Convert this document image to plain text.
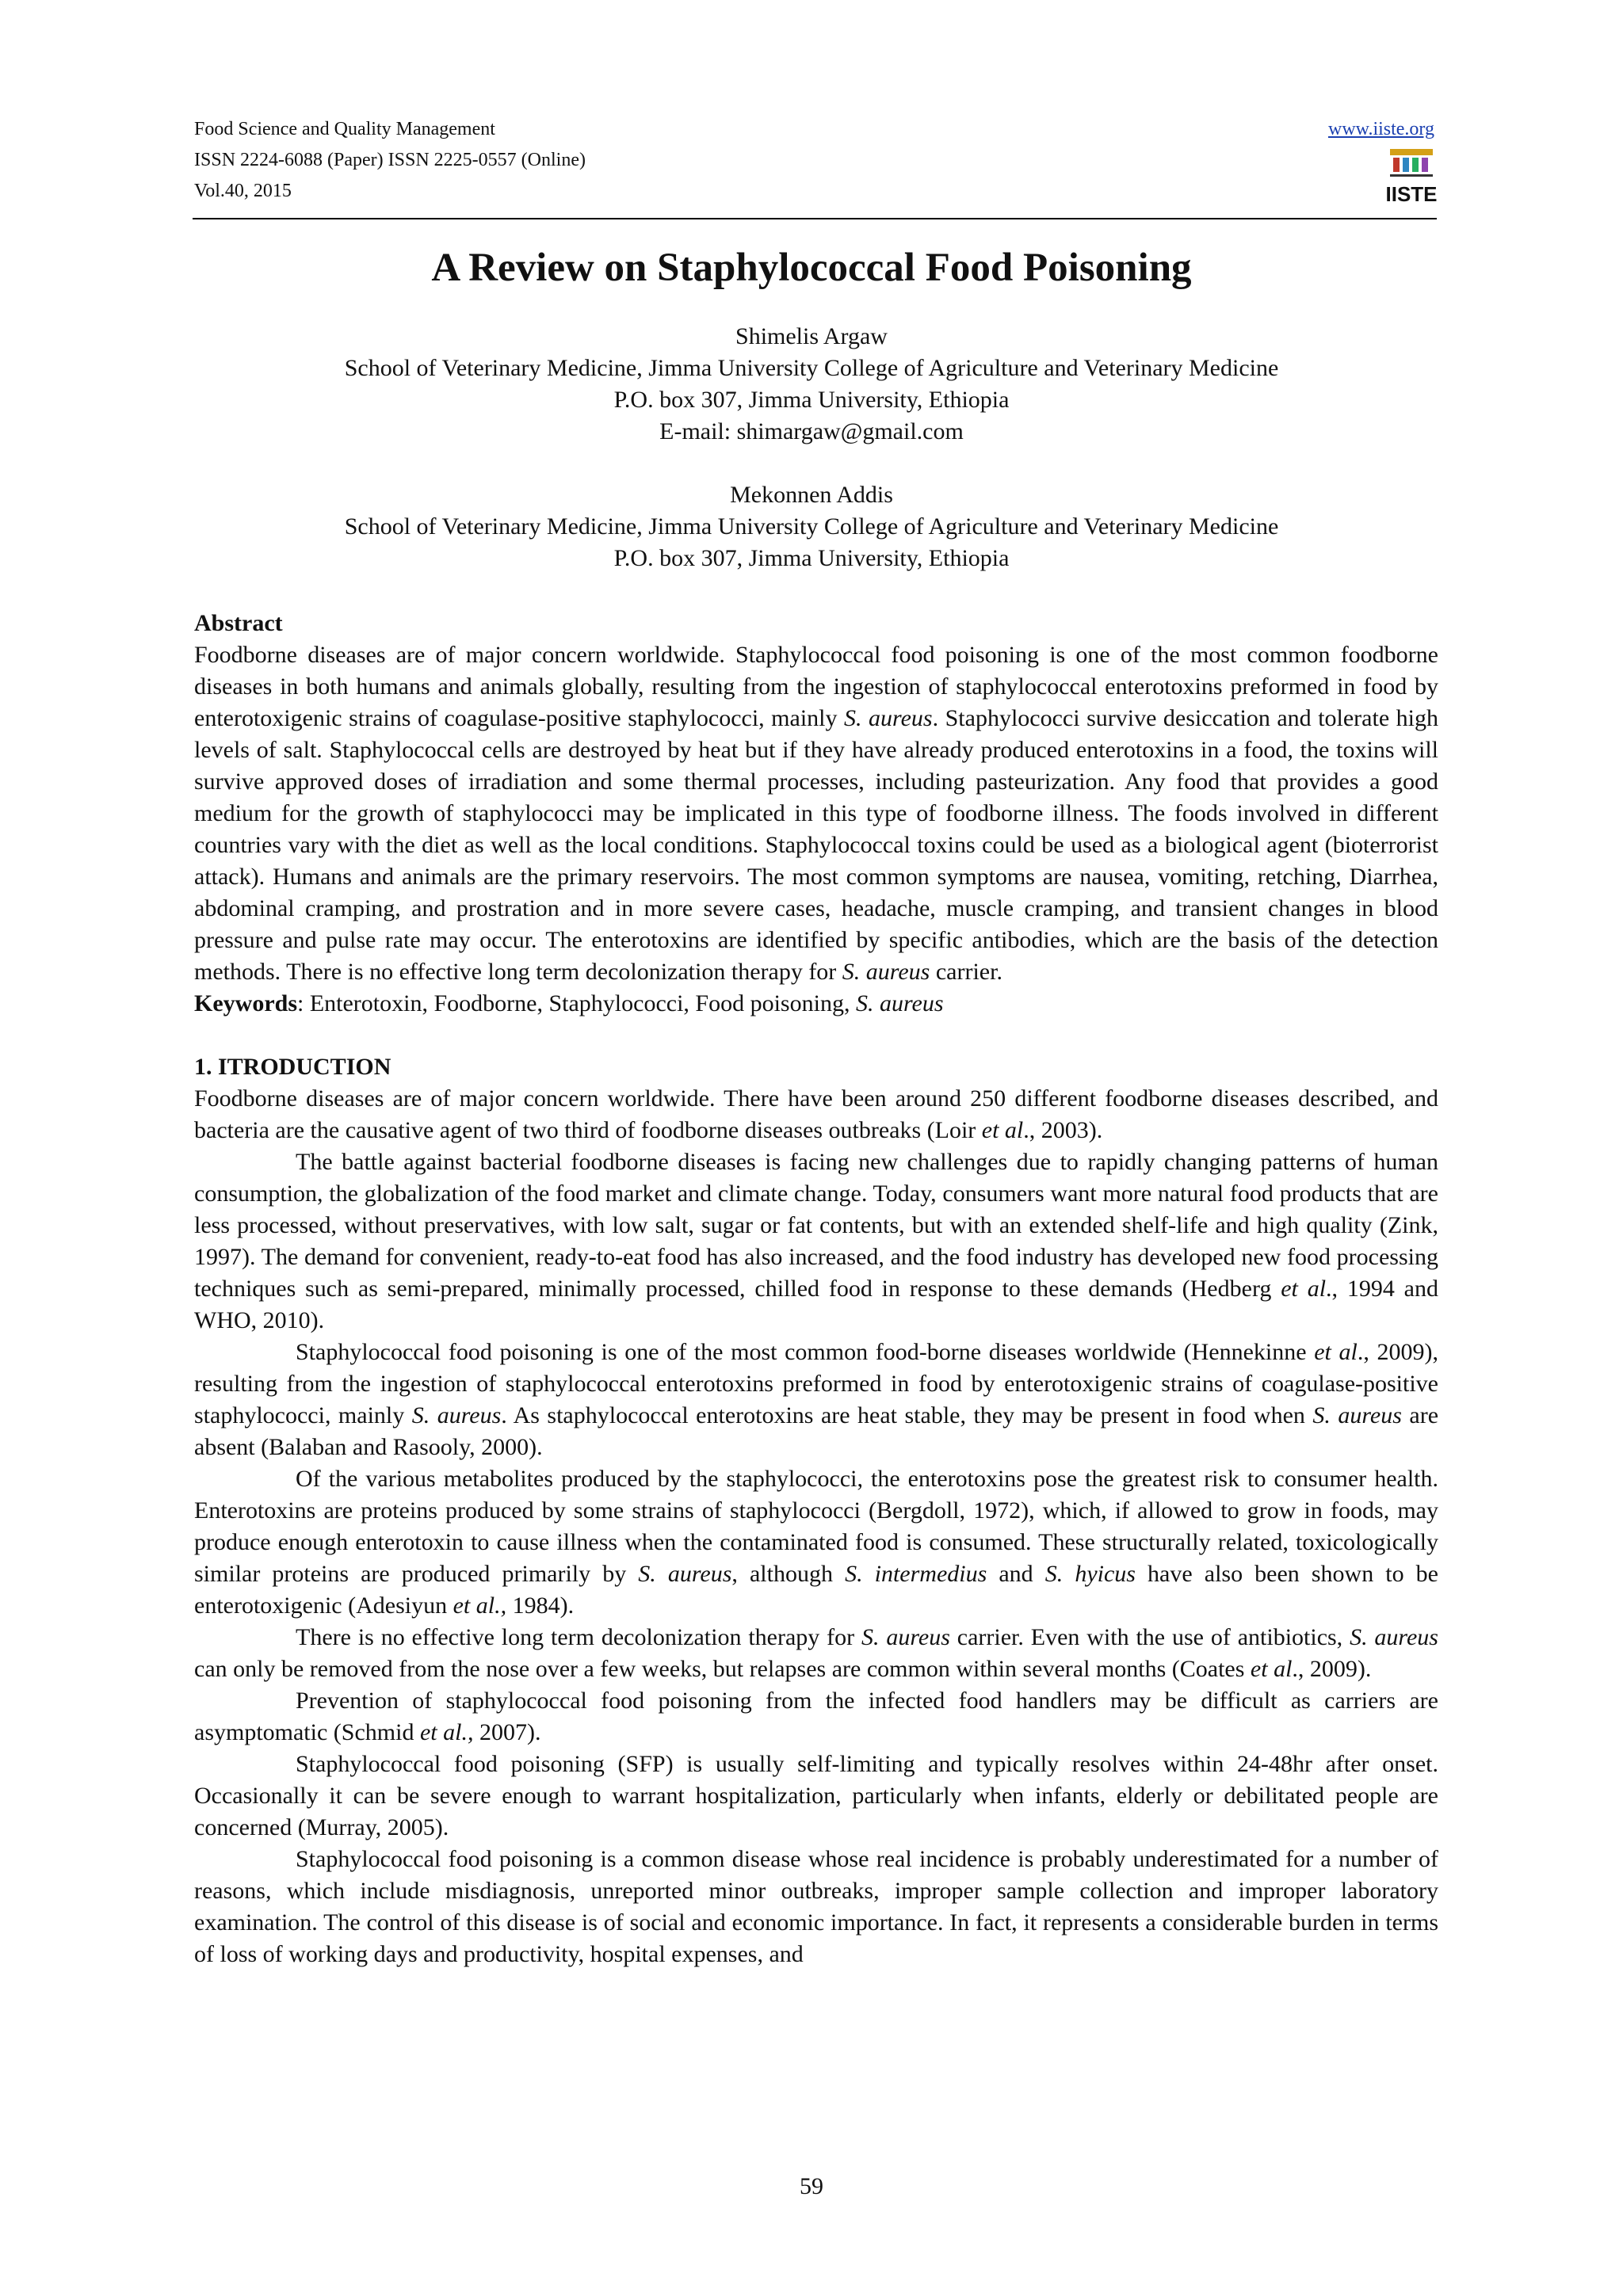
Food Science and Quality Management
ISSN 2224-6088 (Paper) ISSN 2225-0557 (Online)
Vol.40, 2015
www.iiste.org
IISTE
A Review on Staphylococcal Food Poisoning
Shimelis Argaw
School of Veterinary Medicine, Jimma University College of Agriculture and Veterinary Medicine
P.O. box 307, Jimma University, Ethiopia
E-mail: shimargaw@gmail.com
Mekonnen Addis
School of Veterinary Medicine, Jimma University College of Agriculture and Veterinary Medicine
P.O. box 307, Jimma University, Ethiopia

Abstract

Foodborne diseases are of major concern worldwide. Staphylococcal food poisoning is one of the most common foodborne diseases in both humans and animals globally, resulting from the ingestion of staphylococcal enterotoxins preformed in food by enterotoxigenic strains of coagulase-positive staphylococci, mainly S. aureus. Staphylococci survive desiccation and tolerate high levels of salt. Staphylococcal cells are destroyed by heat but if they have already produced enterotoxins in a food, the toxins will survive approved doses of irradiation and some thermal processes, including pasteurization. Any food that provides a good medium for the growth of staphylococci may be implicated in this type of foodborne illness. The foods involved in different countries vary with the diet as well as the local conditions. Staphylococcal toxins could be used as a biological agent (bioterrorist attack). Humans and animals are the primary reservoirs. The most common symptoms are nausea, vomiting, retching, Diarrhea, abdominal cramping, and prostration and in more severe cases, headache, muscle cramping, and transient changes in blood pressure and pulse rate may occur. The enterotoxins are identified by specific antibodies, which are the basis of the detection methods. There is no effective long term decolonization therapy for S. aureus carrier.

Keywords: Enterotoxin, Foodborne, Staphylococci, Food poisoning, S. aureus

1. ITRODUCTION

Foodborne diseases are of major concern worldwide. There have been around 250 different foodborne diseases described, and bacteria are the causative agent of two third of foodborne diseases outbreaks (Loir et al., 2003).

The battle against bacterial foodborne diseases is facing new challenges due to rapidly changing patterns of human consumption, the globalization of the food market and climate change. Today, consumers want more natural food products that are less processed, without preservatives, with low salt, sugar or fat contents, but with an extended shelf-life and high quality (Zink, 1997). The demand for convenient, ready-to-eat food has also increased, and the food industry has developed new food processing techniques such as semi-prepared, minimally processed, chilled food in response to these demands (Hedberg et al., 1994 and WHO, 2010).

Staphylococcal food poisoning is one of the most common food-borne diseases worldwide (Hennekinne et al., 2009), resulting from the ingestion of staphylococcal enterotoxins preformed in food by enterotoxigenic strains of coagulase-positive staphylococci, mainly S. aureus. As staphylococcal enterotoxins are heat stable, they may be present in food when S. aureus are absent (Balaban and Rasooly, 2000).

Of the various metabolites produced by the staphylococci, the enterotoxins pose the greatest risk to consumer health. Enterotoxins are proteins produced by some strains of staphylococci (Bergdoll, 1972), which, if allowed to grow in foods, may produce enough enterotoxin to cause illness when the contaminated food is consumed. These structurally related, toxicologically similar proteins are produced primarily by S. aureus, although S. intermedius and S. hyicus have also been shown to be enterotoxigenic (Adesiyun et al., 1984).

There is no effective long term decolonization therapy for S. aureus carrier. Even with the use of antibiotics, S. aureus can only be removed from the nose over a few weeks, but relapses are common within several months (Coates et al., 2009).

Prevention of staphylococcal food poisoning from the infected food handlers may be difficult as carriers are asymptomatic (Schmid et al., 2007).

Staphylococcal food poisoning (SFP) is usually self-limiting and typically resolves within 24-48hr after onset. Occasionally it can be severe enough to warrant hospitalization, particularly when infants, elderly or debilitated people are concerned (Murray, 2005).

Staphylococcal food poisoning is a common disease whose real incidence is probably underestimated for a number of reasons, which include misdiagnosis, unreported minor outbreaks, improper sample collection and improper laboratory examination. The control of this disease is of social and economic importance. In fact, it represents a considerable burden in terms of loss of working days and productivity, hospital expenses, and

59
